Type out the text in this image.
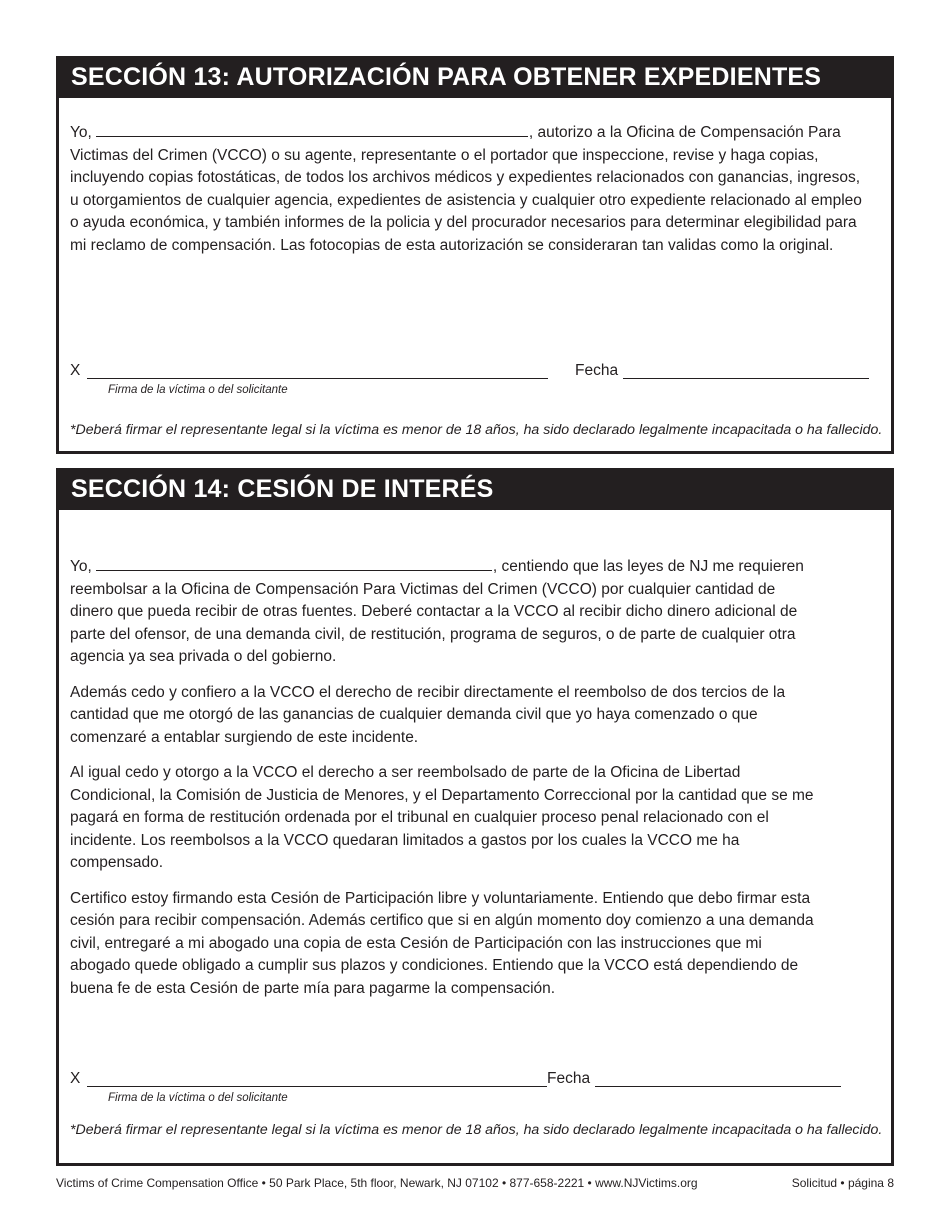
SECCIÓN 13: AUTORIZACIÓN PARA OBTENER EXPEDIENTES
Yo,	, autorizo a la Oficina de Compensación Para Victimas del Crimen (VCCO) o su agente, representante o el portador que inspeccione, revise y haga copias, incluyendo copias fotostáticas, de todos los archivos médicos y expedientes relacionados con ganancias, ingresos, u otorgamientos de cualquier agencia, expedientes de asistencia y cualquier otro expediente relacionado al empleo o ayuda económica, y también informes de la policia y del procurador necesarios para determinar elegibilidad para mi reclamo de compensación. Las fotocopias de esta autorización se consideraran tan validas como la original.
X	Fecha
Firma de la víctima o del solicitante
*Deberá firmar el representante legal si la víctima es menor de 18 años, ha sido declarado legalmente incapacitada o ha fallecido.
SECCIÓN 14: CESIÓN DE INTERÉS

Yo,	, centiendo que las leyes de NJ me requieren reembolsar a la Oficina de Compensación Para Victimas del Crimen (VCCO) por cualquier cantidad de dinero que pueda recibir de otras fuentes. Deberé contactar a la VCCO al recibir dicho dinero adicional de parte del ofensor, de una demanda civil, de restitución, programa de seguros, o de parte de cualquier otra agencia ya sea privada o del gobierno.

Además cedo y confiero a la VCCO el derecho de recibir directamente el reembolso de dos tercios de la cantidad que me otorgó de las ganancias de cualquier demanda civil que yo haya comenzado o que comenzaré a entablar surgiendo de este incidente.

Al igual cedo y otorgo a la VCCO el derecho a ser reembolsado de parte de la Oficina de Libertad Condicional, la Comisión de Justicia de Menores, y el Departamento Correccional por la cantidad que se me pagará en forma de restitución ordenada por el tribunal en cualquier proceso penal relacionado con el incidente. Los reembolsos a la VCCO quedaran limitados a gastos por los cuales la VCCO me ha compensado.

Certifico estoy firmando esta Cesión de Participación libre y voluntariamente. Entiendo que debo firmar esta cesión para recibir compensación. Además certifico que si en algún momento doy comienzo a una demanda civil, entregaré a mi abogado una copia de esta Cesión de Participación con las instrucciones que mi abogado quede obligado a cumplir sus plazos y condiciones. Entiendo que la VCCO está dependiendo de buena fe de esta Cesión de parte mía para pagarme la compensación.

X	Fecha
Firma de la víctima o del solicitante
*Deberá firmar el representante legal si la víctima es menor de 18 años, ha sido declarado legalmente incapacitada o ha fallecido.
Victims of Crime Compensation Office • 50 Park Place, 5th floor, Newark, NJ 07102 • 877-658-2221 • www.NJVictims.org	Solicitud • página 8
